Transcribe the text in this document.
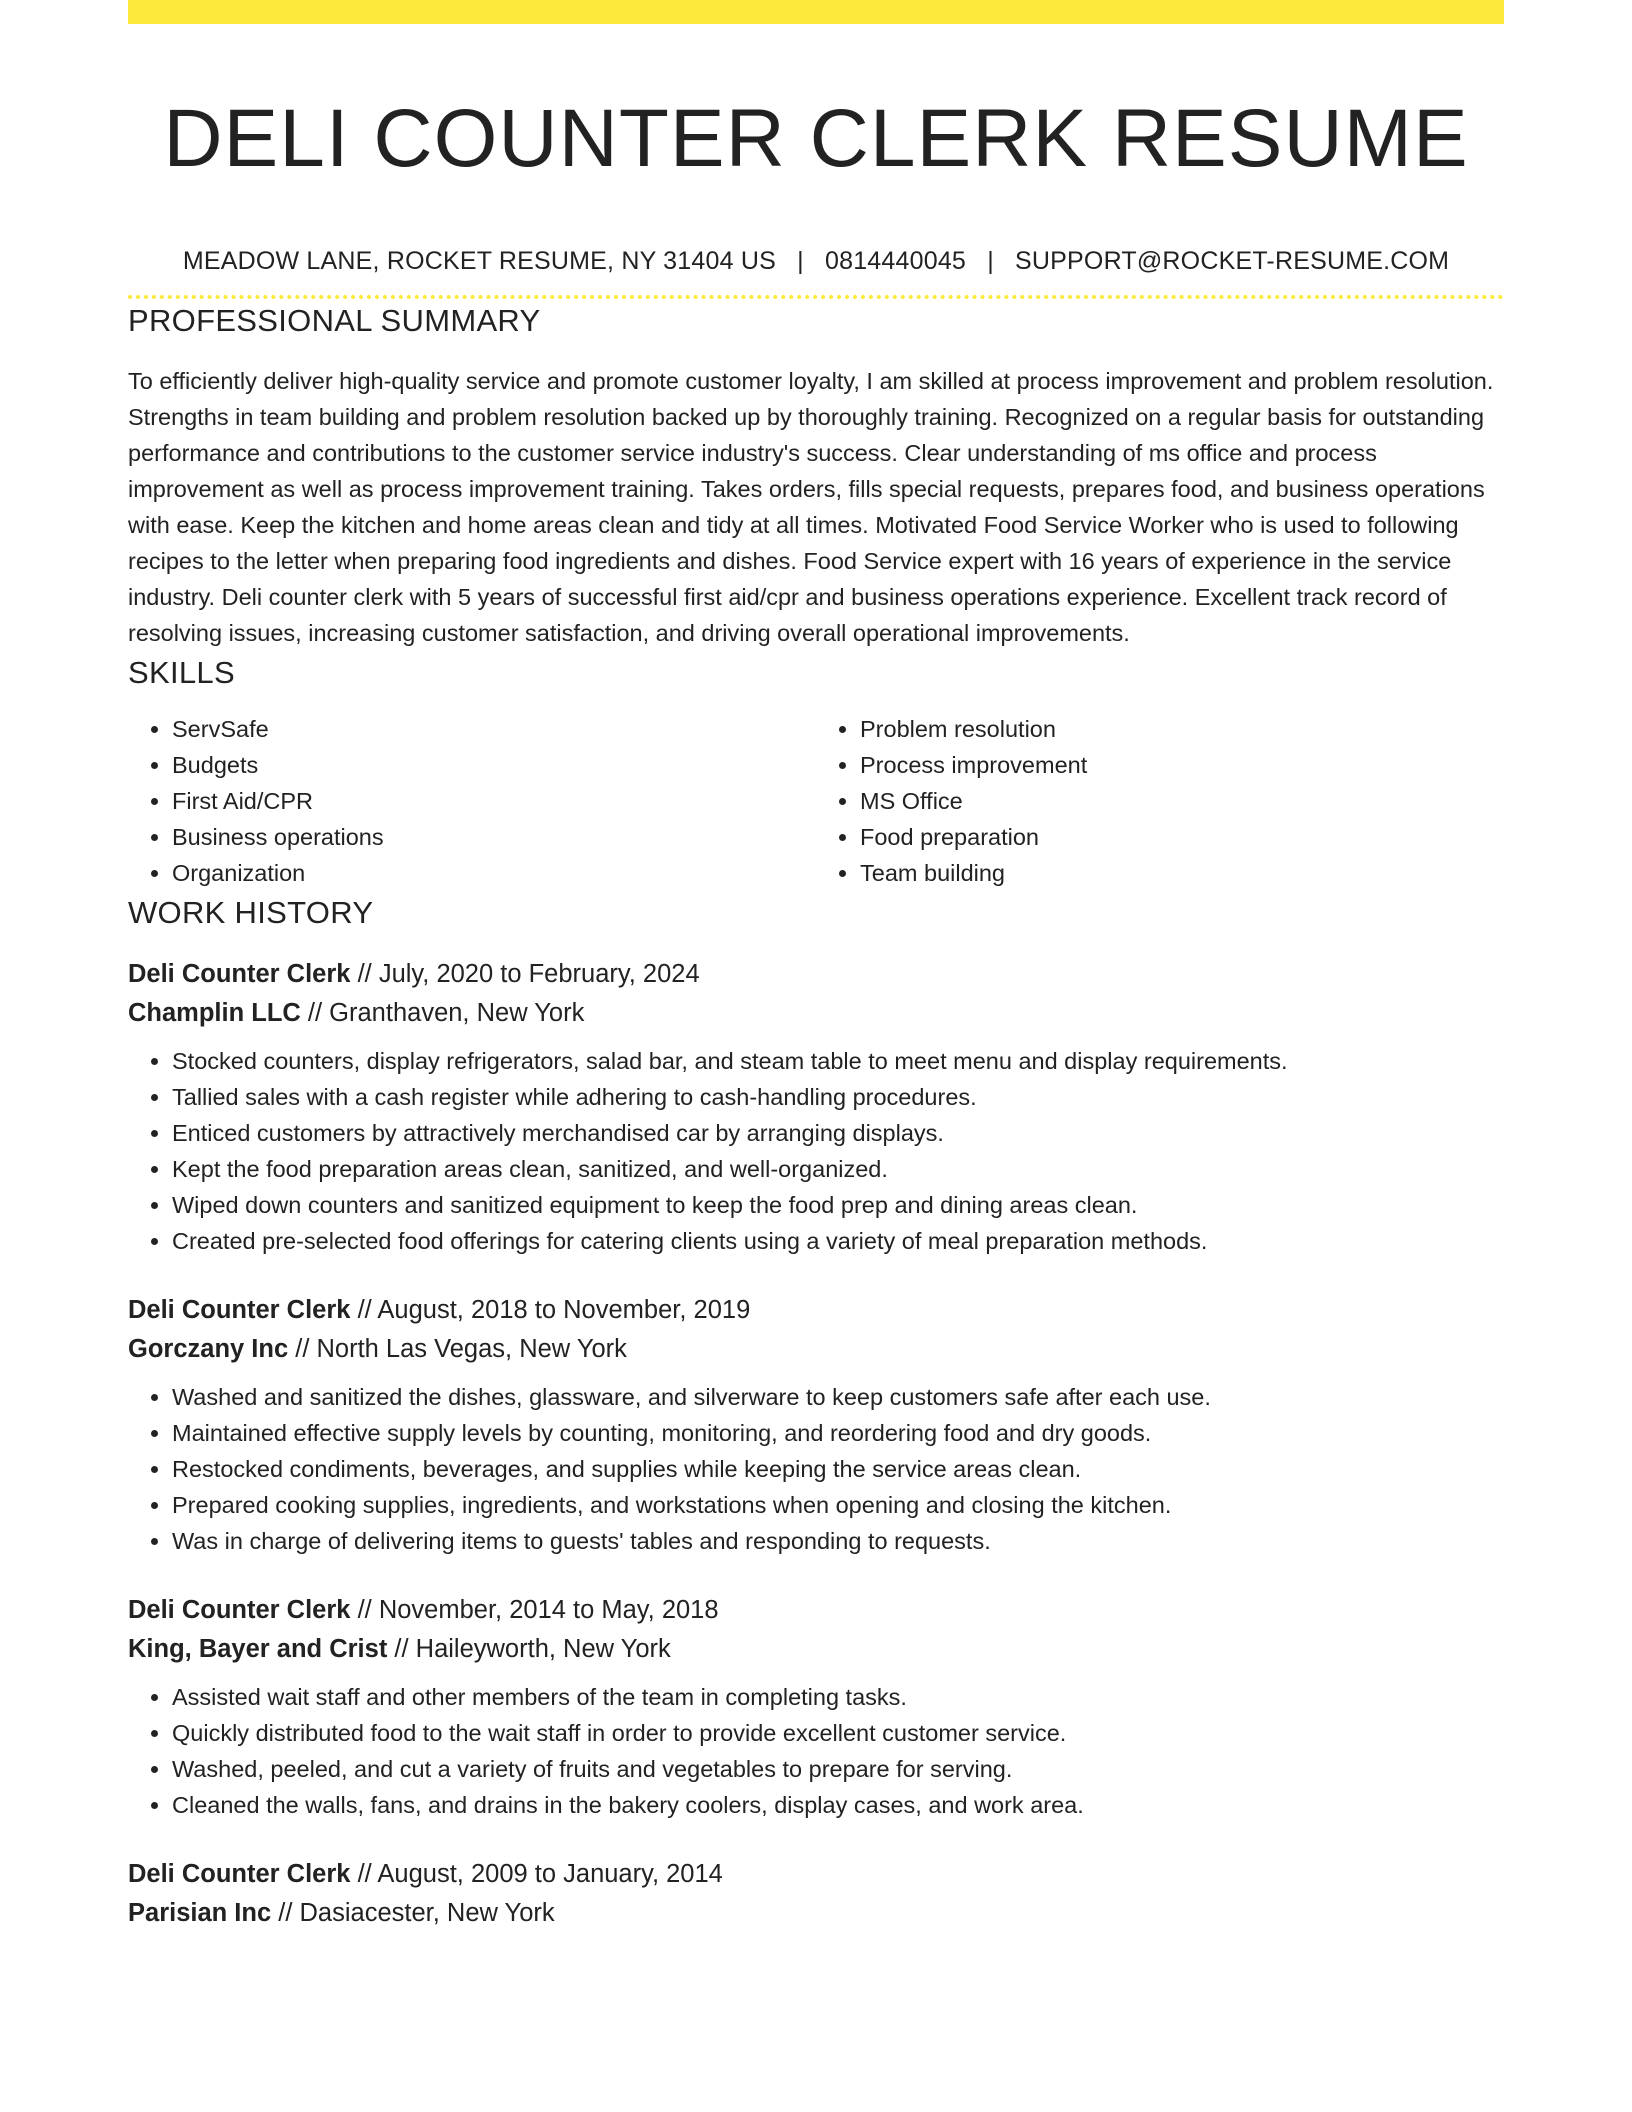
DELI COUNTER CLERK RESUME
MEADOW LANE, ROCKET RESUME, NY 31404 US | 0814440045 | SUPPORT@ROCKET-RESUME.COM
PROFESSIONAL SUMMARY

To efficiently deliver high-quality service and promote customer loyalty, I am skilled at process improvement and problem resolution. Strengths in team building and problem resolution backed up by thoroughly training. Recognized on a regular basis for outstanding performance and contributions to the customer service industry's success. Clear understanding of ms office and process improvement as well as process improvement training. Takes orders, fills special requests, prepares food, and business operations with ease. Keep the kitchen and home areas clean and tidy at all times. Motivated Food Service Worker who is used to following recipes to the letter when preparing food ingredients and dishes. Food Service expert with 16 years of experience in the service industry. Deli counter clerk with 5 years of successful first aid/cpr and business operations experience. Excellent track record of resolving issues, increasing customer satisfaction, and driving overall operational improvements.

SKILLS
• ServSafe
• Budgets
• First Aid/CPR
• Business operations
• Organization
• Problem resolution
• Process improvement
• MS Office
• Food preparation
• Team building
WORK HISTORY
Deli Counter Clerk // July, 2020 to February, 2024
Champlin LLC // Granthaven, New York
• Stocked counters, display refrigerators, salad bar, and steam table to meet menu and display requirements.
• Tallied sales with a cash register while adhering to cash-handling procedures.
• Enticed customers by attractively merchandised car by arranging displays.
• Kept the food preparation areas clean, sanitized, and well-organized.
• Wiped down counters and sanitized equipment to keep the food prep and dining areas clean.
• Created pre-selected food offerings for catering clients using a variety of meal preparation methods.
Deli Counter Clerk // August, 2018 to November, 2019
Gorczany Inc // North Las Vegas, New York
• Washed and sanitized the dishes, glassware, and silverware to keep customers safe after each use.
• Maintained effective supply levels by counting, monitoring, and reordering food and dry goods.
• Restocked condiments, beverages, and supplies while keeping the service areas clean.
• Prepared cooking supplies, ingredients, and workstations when opening and closing the kitchen.
• Was in charge of delivering items to guests' tables and responding to requests.
Deli Counter Clerk // November, 2014 to May, 2018
King, Bayer and Crist // Haileyworth, New York
• Assisted wait staff and other members of the team in completing tasks.
• Quickly distributed food to the wait staff in order to provide excellent customer service.
• Washed, peeled, and cut a variety of fruits and vegetables to prepare for serving.
• Cleaned the walls, fans, and drains in the bakery coolers, display cases, and work area.
Deli Counter Clerk // August, 2009 to January, 2014
Parisian Inc // Dasiacester, New York
